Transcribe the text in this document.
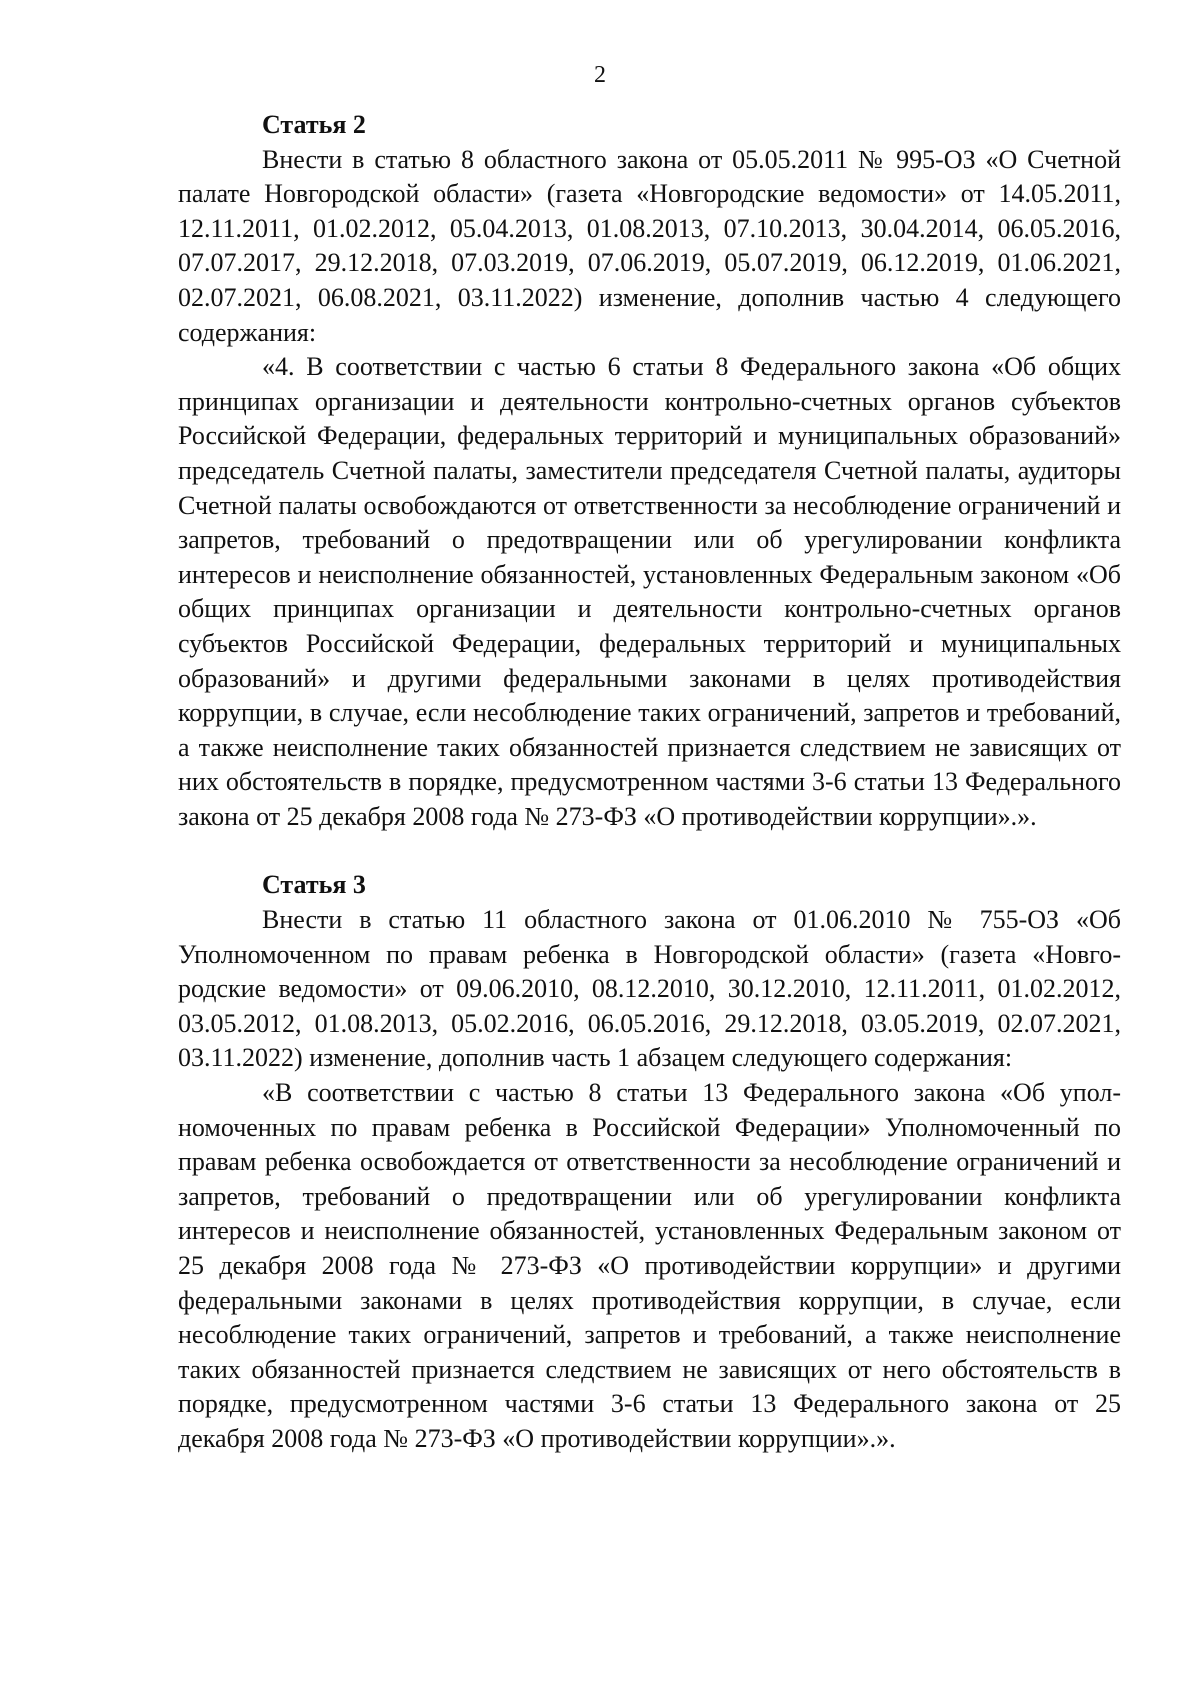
2
Статья 2

Внести в статью 8 областного закона от 05.05.2011 № 995-ОЗ «О Счетной палате Новгородской области» (газета «Новгородские ведомости» от 14.05.2011, 12.11.2011, 01.02.2012, 05.04.2013, 01.08.2013, 07.10.2013, 30.04.2014, 06.05.2016, 07.07.2017, 29.12.2018, 07.03.2019, 07.06.2019, 05.07.2019, 06.12.2019, 01.06.2021, 02.07.2021, 06.08.2021, 03.11.2022) изменение, дополнив частью 4 следующего содержания:

«4. В соответствии с частью 6 статьи 8 Федерального закона «Об общих принципах организации и деятельности контрольно-счетных органов субъектов Российской Федерации, федеральных территорий и муниципальных образований» председатель Счетной палаты, заместители председателя Счетной палаты, аудиторы Счетной палаты освобождаются от ответственности за несоблюдение ограничений и запретов, требований о предотвращении или об урегулировании конфликта интересов и неисполнение обязанностей, установленных Федеральным законом «Об общих принципах организации и деятельности контрольно-счетных органов субъектов Российской Федерации, федеральных территорий и муниципальных образований» и другими федеральными законами в целях противодействия коррупции, в случае, если несоблюдение таких ограничений, запретов и требований, а также неисполнение таких обязанностей признается следствием не зависящих от них обстоятельств в порядке, предусмотренном частями 3-6 статьи 13 Федерального закона от 25 декабря 2008 года № 273-ФЗ «О противодействии коррупции».».

Статья 3

Внести в статью 11 областного закона от 01.06.2010 № 755-ОЗ «Об Уполномоченном по правам ребенка в Новгородской области» (газета «Новгородские ведомости» от 09.06.2010, 08.12.2010, 30.12.2010, 12.11.2011, 01.02.2012, 03.05.2012, 01.08.2013, 05.02.2016, 06.05.2016, 29.12.2018, 03.05.2019, 02.07.2021, 03.11.2022) изменение, дополнив часть 1 абзацем следующего содержания:

«В соответствии с частью 8 статьи 13 Федерального закона «Об уполномоченных по правам ребенка в Российской Федерации» Уполномоченный по правам ребенка освобождается от ответственности за несоблюдение ограничений и запретов, требований о предотвращении или об урегулировании конфликта интересов и неисполнение обязанностей, установленных Федеральным законом от 25 декабря 2008 года № 273-ФЗ «О противодействии коррупции» и другими федеральными законами в целях противодействия коррупции, в случае, если несоблюдение таких ограничений, запретов и требований, а также неисполнение таких обязанностей признается следствием не зависящих от него обстоятельств в порядке, предусмотренном частями 3-6 статьи 13 Федерального закона от 25 декабря 2008 года № 273-ФЗ «О противодействии коррупции».».
